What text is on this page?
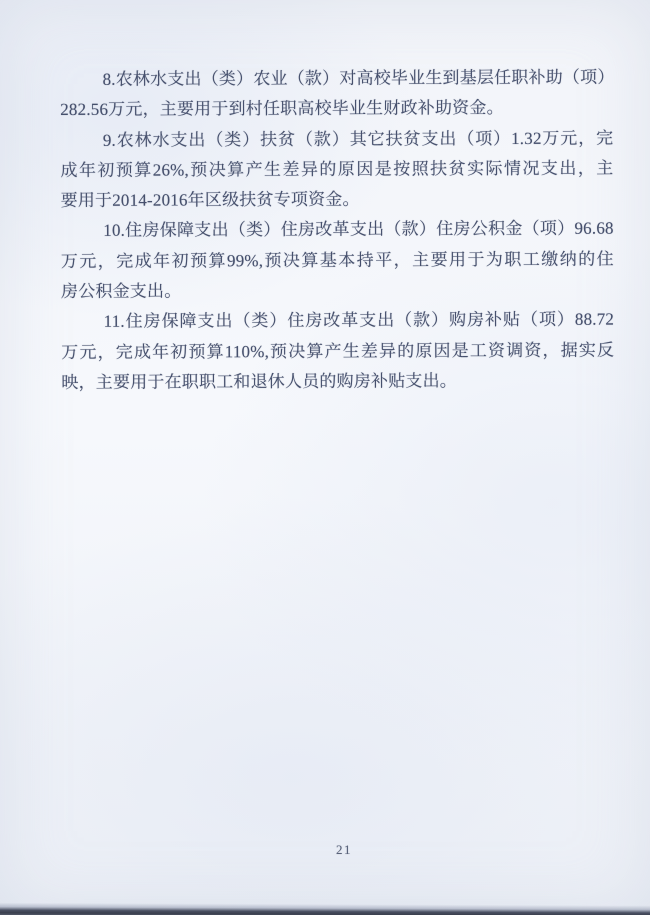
8.农林水支出（类）农业（款）对高校毕业生到基层任职补助（项）
282.56万元，主要用于到村任职高校毕业生财政补助资金。

9.农林水支出（类）扶贫（款）其它扶贫支出（项）1.32万元，完
成年初预算26%,预决算产生差异的原因是按照扶贫实际情况支出，主
要用于2014-2016年区级扶贫专项资金。

10.住房保障支出（类）住房改革支出（款）住房公积金（项）96.68
万元，完成年初预算99%,预决算基本持平，主要用于为职工缴纳的住
房公积金支出。

11.住房保障支出（类）住房改革支出（款）购房补贴（项）88.72
万元，完成年初预算110%,预决算产生差异的原因是工资调资，据实反
映，主要用于在职职工和退休人员的购房补贴支出。

21
